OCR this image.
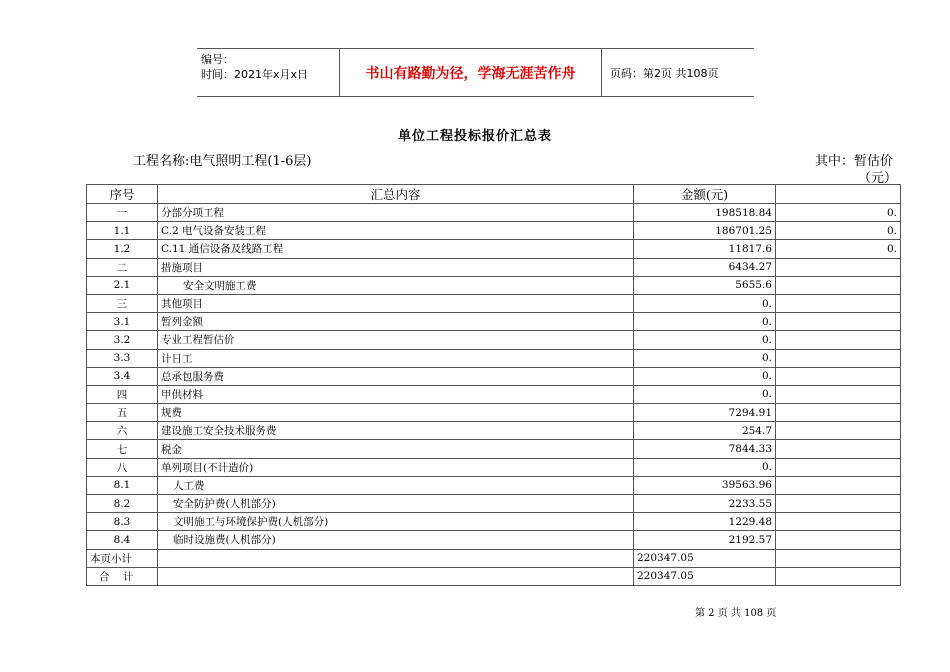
编号：
时间：2021年x月x日	书山有路勤为径，学海无涯苦作舟	页码：第2页 共108页
单位工程投标报价汇总表
工程名称:电气照明工程(1-6层)	其中：暂估价
（元）
序号	汇总内容	金额(元)	
一	分部分项工程	198518.84	0.
1.1	C.2 电气设备安装工程	186701.25	0.
1.2	C.11 通信设备及线路工程	11817.6	0.
二	措施项目	6434.27	
2.1	安全文明施工费	5655.6	
三	其他项目	0.	
3.1	暂列金额	0.	
3.2	专业工程暂估价	0.	
3.3	计日工	0.	
3.4	总承包服务费	0.	
四	甲供材料	0.	
五	规费	7294.91	
六	建设施工安全技术服务费	254.7	
七	税金	7844.33	
八	单列项目(不计造价)	0.	
8.1	人工费	39563.96	
8.2	安全防护费(人机部分)	2233.55	
8.3	文明施工与环境保护费(人机部分)	1229.48	
8.4	临时设施费(人机部分)	2192.57	
本页小计		220347.05	
合    计		220347.05	
第 2 页 共 108 页
